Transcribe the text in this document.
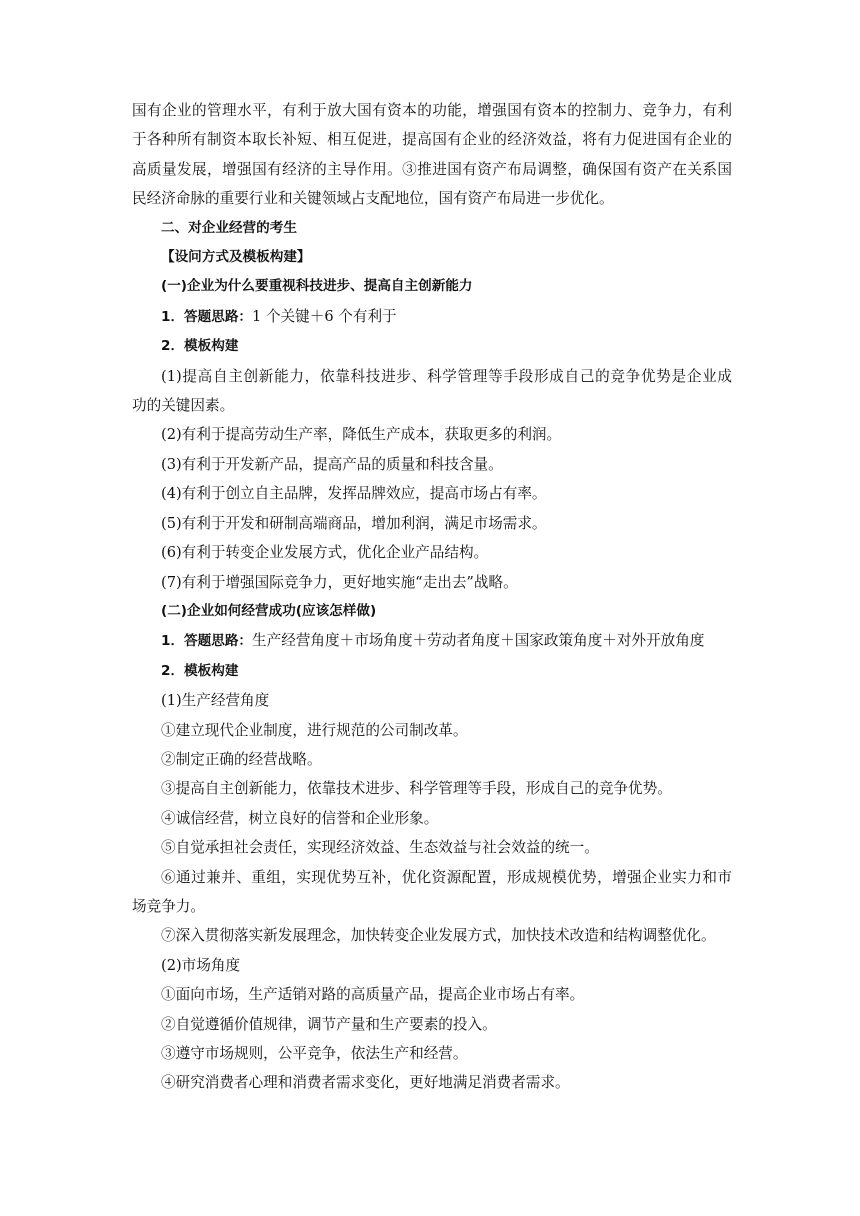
国有企业的管理水平，有利于放大国有资本的功能，增强国有资本的控制力、竞争力，有利
于各种所有制资本取长补短、相互促进，提高国有企业的经济效益，将有力促进国有企业的
高质量发展，增强国有经济的主导作用。③推进国有资产布局调整，确保国有资产在关系国
民经济命脉的重要行业和关键领域占支配地位，国有资产布局进一步优化。
二、对企业经营的考生
【设问方式及模板构建】
(一)企业为什么要重视科技进步、提高自主创新能力
1．答题思路：1 个关键＋6 个有利于
2．模板构建
(1)提高自主创新能力，依靠科技进步、科学管理等手段形成自己的竞争优势是企业成
功的关键因素。
(2)有利于提高劳动生产率，降低生产成本，获取更多的利润。
(3)有利于开发新产品，提高产品的质量和科技含量。
(4)有利于创立自主品牌，发挥品牌效应，提高市场占有率。
(5)有利于开发和研制高端商品，增加利润，满足市场需求。
(6)有利于转变企业发展方式，优化企业产品结构。
(7)有利于增强国际竞争力，更好地实施“走出去”战略。
(二)企业如何经营成功(应该怎样做)
1．答题思路：生产经营角度＋市场角度＋劳动者角度＋国家政策角度＋对外开放角度
2．模板构建
(1)生产经营角度
①建立现代企业制度，进行规范的公司制改革。
②制定正确的经营战略。
③提高自主创新能力，依靠技术进步、科学管理等手段，形成自己的竞争优势。
④诚信经营，树立良好的信誉和企业形象。
⑤自觉承担社会责任，实现经济效益、生态效益与社会效益的统一。
⑥通过兼并、重组，实现优势互补，优化资源配置，形成规模优势，增强企业实力和市
场竞争力。
⑦深入贯彻落实新发展理念，加快转变企业发展方式，加快技术改造和结构调整优化。
(2)市场角度
①面向市场，生产适销对路的高质量产品，提高企业市场占有率。
②自觉遵循价值规律，调节产量和生产要素的投入。
③遵守市场规则，公平竞争，依法生产和经营。
④研究消费者心理和消费者需求变化，更好地满足消费者需求。
